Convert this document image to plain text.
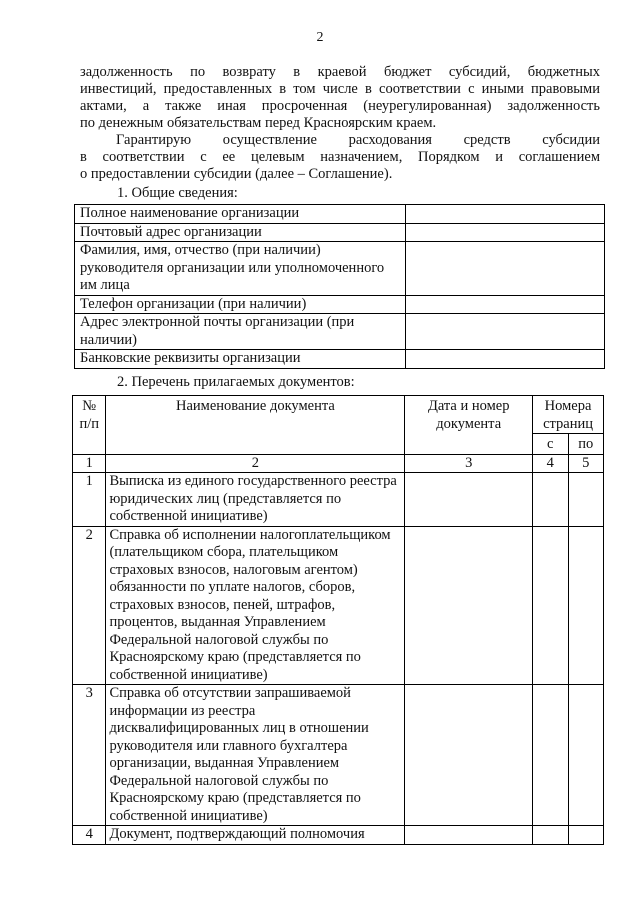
2
задолженность по возврату в краевой бюджет субсидий, бюджетных
инвестиций, предоставленных в том числе в соответствии с иными правовыми
актами, а также иная просроченная (неурегулированная) задолженность
по денежным обязательствам перед Красноярским краем.
Гарантирую осуществление расходования средств субсидии
в соответствии с ее целевым назначением, Порядком и соглашением
о предоставлении субсидии (далее – Соглашение).
1. Общие сведения:
Полное наименование организации	
Почтовый адрес организации	
Фамилия, имя, отчество (при наличии) руководителя организации или уполномоченного им лица	
Телефон организации (при наличии)	
Адрес электронной почты организации (при наличии)	
Банковские реквизиты организации	
2. Перечень прилагаемых документов:
№ п/п	Наименование документа	Дата и номер документа	Номера страниц	
			с	по
1	2	3	4	5
1	Выписка из единого государственного реестра юридических лиц (представляется по собственной инициативе)			
2	Справка об исполнении налогоплательщиком (плательщиком сбора, плательщиком страховых взносов, налоговым агентом) обязанности по уплате налогов, сборов, страховых взносов, пеней, штрафов, процентов, выданная Управлением Федеральной налоговой службы по Красноярскому краю (представляется по собственной инициативе)			
3	Справка об отсутствии запрашиваемой информации из реестра дисквалифицированных лиц в отношении руководителя или главного бухгалтера организации, выданная Управлением Федеральной налоговой службы по Красноярскому краю (представляется по собственной инициативе)			
4	Документ, подтверждающий полномочия			
